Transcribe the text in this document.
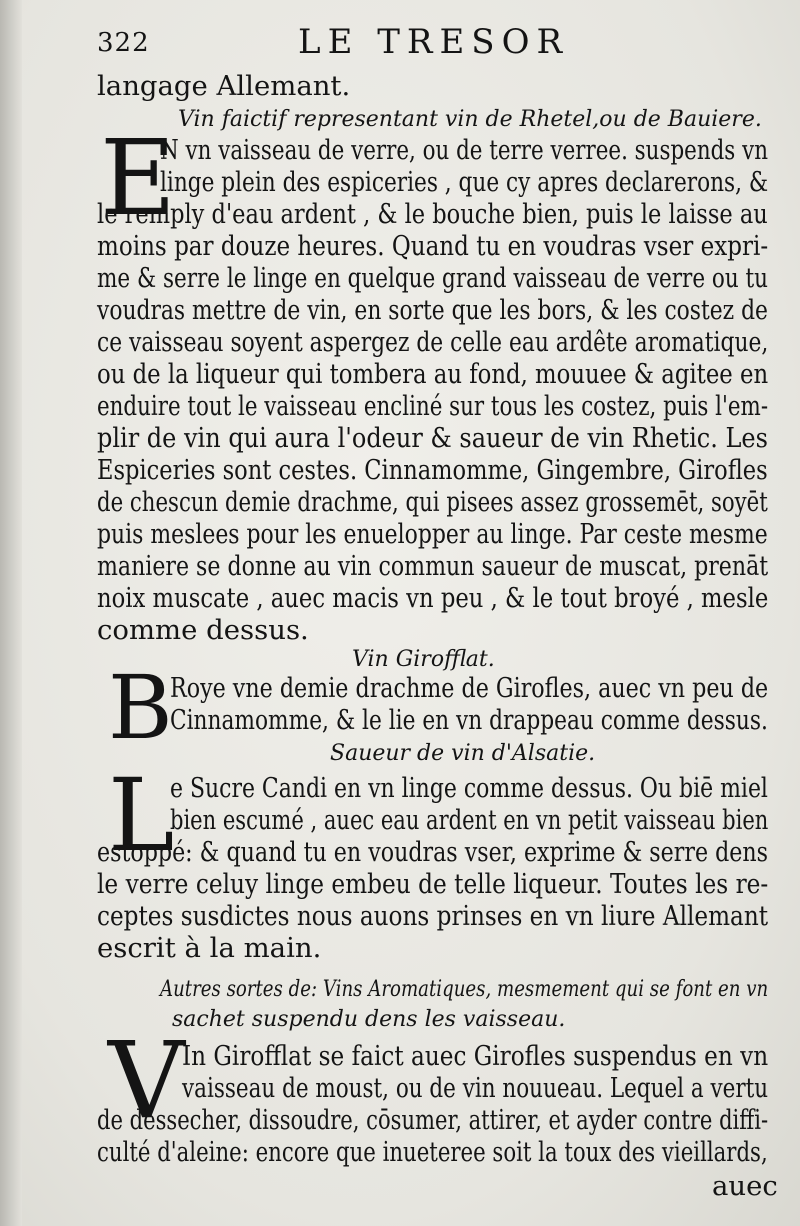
322	LE TRESOR
langage Allemant.
Vin faictif representant vin de Rhetel,ou de Bauiere.
E
N vn vaisseau de verre, ou de terre verree. suspends vn
linge plein des espiceries , que cy apres declarerons, &
le remply d'eau ardent , & le bouche bien, puis le laisse au
moins par douze heures. Quand tu en voudras vser expri-
me & serre le linge en quelque grand vaisseau de verre ou tu
voudras mettre de vin, en sorte que les bors, & les costez de
ce vaisseau soyent aspergez de celle eau ardête aromatique,
ou de la liqueur qui tombera au fond, mouuee & agitee en
enduire tout le vaisseau encliné sur tous les costez, puis l'em-
plir de vin qui aura l'odeur & saueur de vin Rhetic. Les
Espiceries sont cestes. Cinnamomme, Gingembre, Girofles
de chescun demie drachme, qui pisees assez grossemēt, soyēt
puis meslees pour les enuelopper au linge. Par ceste mesme
maniere se donne au vin commun saueur de muscat, prenāt
noix muscate , auec macis vn peu , & le tout broyé , mesle
comme dessus.
Vin Girofflat.
B
Roye vne demie drachme de Girofles, auec vn peu de
Cinnamomme, & le lie en vn drappeau comme dessus.
Saueur de vin d'Alsatie.
L
e Sucre Candi en vn linge comme dessus. Ou biē miel
bien escumé , auec eau ardent en vn petit vaisseau bien
estoppé: & quand tu en voudras vser, exprime & serre dens
le verre celuy linge embeu de telle liqueur. Toutes les re-
ceptes susdictes nous auons prinses en vn liure Allemant
escrit à la main.
Autres sortes de: Vins Aromatiques, mesmement qui se font en vn
sachet suspendu dens les vaisseau.
V
In Girofflat se faict auec Girofles suspendus en vn
vaisseau de moust, ou de vin nouueau. Lequel a vertu
de dessecher, dissoudre, cōsumer, attirer, et ayder contre diffi-
culté d'aleine: encore que inueteree soit la toux des vieillards,
auec
